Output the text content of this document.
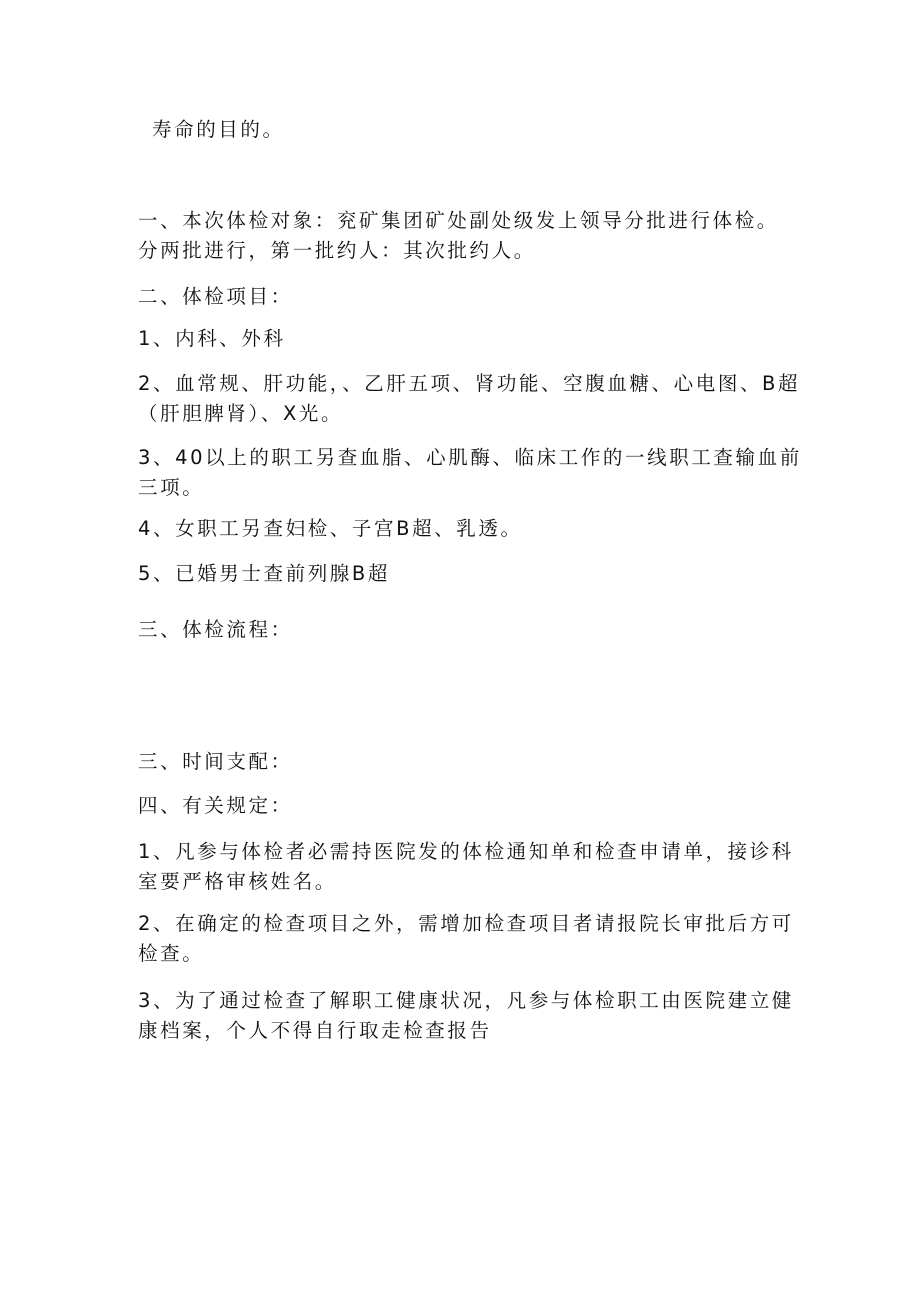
寿命的目的。
一、本次体检对象：兖矿集团矿处副处级发上领导分批进行体检。
分两批进行，第一批约人：其次批约人。
二、体检项目：
1、内科、外科
2、血常规、肝功能，、乙肝五项、肾功能、空腹血糖、心电图、B超
（肝胆脾肾）、X光。
3、40以上的职工另查血脂、心肌酶、临床工作的一线职工查输血前
三项。
4、女职工另查妇检、子宫B超、乳透。
5、已婚男士查前列腺B超
三、体检流程：
三、时间支配：
四、有关规定：
1、凡参与体检者必需持医院发的体检通知单和检查申请单，接诊科
室要严格审核姓名。
2、在确定的检查项目之外，需增加检查项目者请报院长审批后方可
检查。
3、为了通过检查了解职工健康状况，凡参与体检职工由医院建立健
康档案，个人不得自行取走检查报告
